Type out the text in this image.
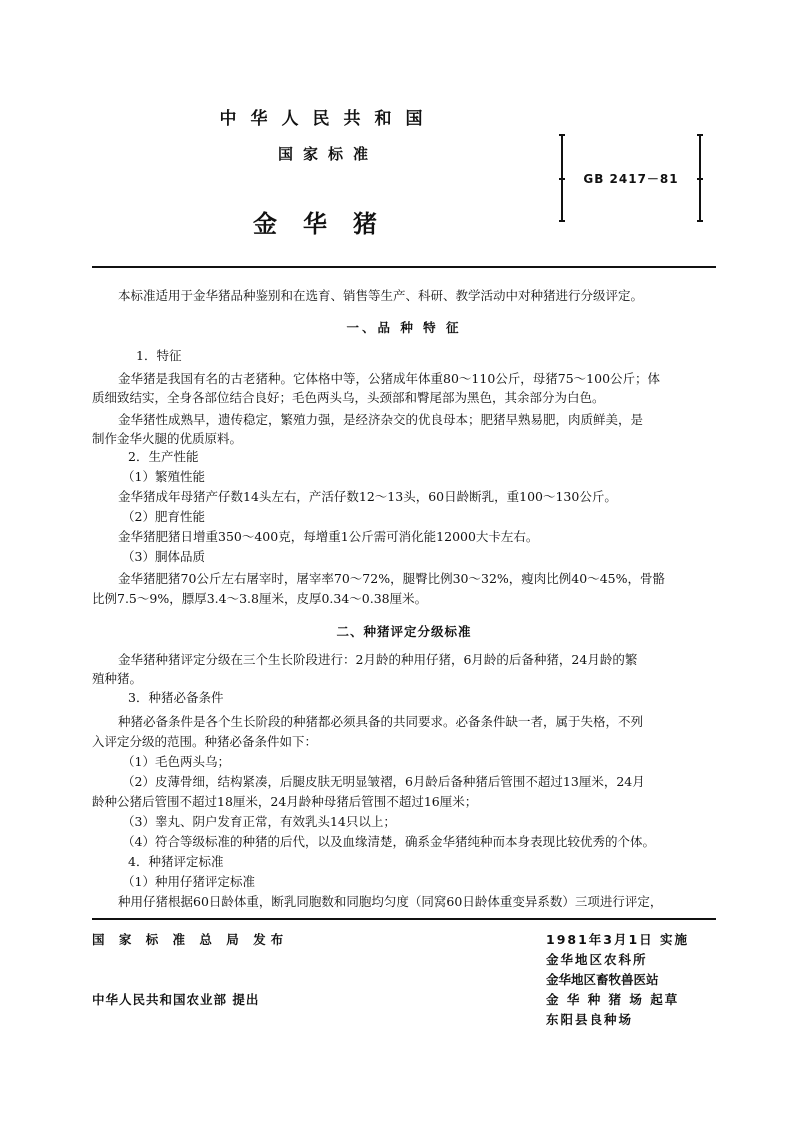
中华人民共和国
国家标准
金华猪
GB 2417－81
本标准适用于金华猪品种鉴别和在选育、销售等生产、科研、教学活动中对种猪进行分级评定。
一、品 种 特 征
1．特征
金华猪是我国有名的古老猪种。它体格中等，公猪成年体重80～110公斤，母猪75～100公斤；体
质细致结实，全身各部位结合良好；毛色两头乌，头颈部和臀尾部为黑色，其余部分为白色。
金华猪性成熟早，遗传稳定，繁殖力强，是经济杂交的优良母本；肥猪早熟易肥，肉质鲜美，是
制作金华火腿的优质原料。
2．生产性能
（1）繁殖性能
金华猪成年母猪产仔数14头左右，产活仔数12～13头，60日龄断乳，重100～130公斤。
（2）肥育性能
金华猪肥猪日增重350～400克，每增重1公斤需可消化能12000大卡左右。
（3）胴体品质
金华猪肥猪70公斤左右屠宰时，屠宰率70～72%，腿臀比例30～32%，瘦肉比例40～45%，骨骼
比例7.5～9%，膘厚3.4～3.8厘米，皮厚0.34～0.38厘米。
二、种猪评定分级标准
金华猪种猪评定分级在三个生长阶段进行：2月龄的种用仔猪，6月龄的后备种猪，24月龄的繁
殖种猪。
3．种猪必备条件
种猪必备条件是各个生长阶段的种猪都必须具备的共同要求。必备条件缺一者，属于失格，不列
入评定分级的范围。种猪必备条件如下：
（1）毛色两头乌；
（2）皮薄骨细，结构紧凑，后腿皮肤无明显皱褶，6月龄后备种猪后管围不超过13厘米，24月
龄种公猪后管围不超过18厘米，24月龄种母猪后管围不超过16厘米；
（3）睾丸、阴户发育正常，有效乳头14只以上；
（4）符合等级标准的种猪的后代，以及血缘清楚，确系金华猪纯种而本身表现比较优秀的个体。
4．种猪评定标准
（1）种用仔猪评定标准
种用仔猪根据60日龄体重，断乳同胞数和同胞均匀度（同窝60日龄体重变异系数）三项进行评定，
国 家 标 准 总 局 发布
中华人民共和国农业部 提出
1981年3月1日 实施
金华地区农科所
金华地区畜牧兽医站
金 华 种 猪 场 起草
东阳县良种场
